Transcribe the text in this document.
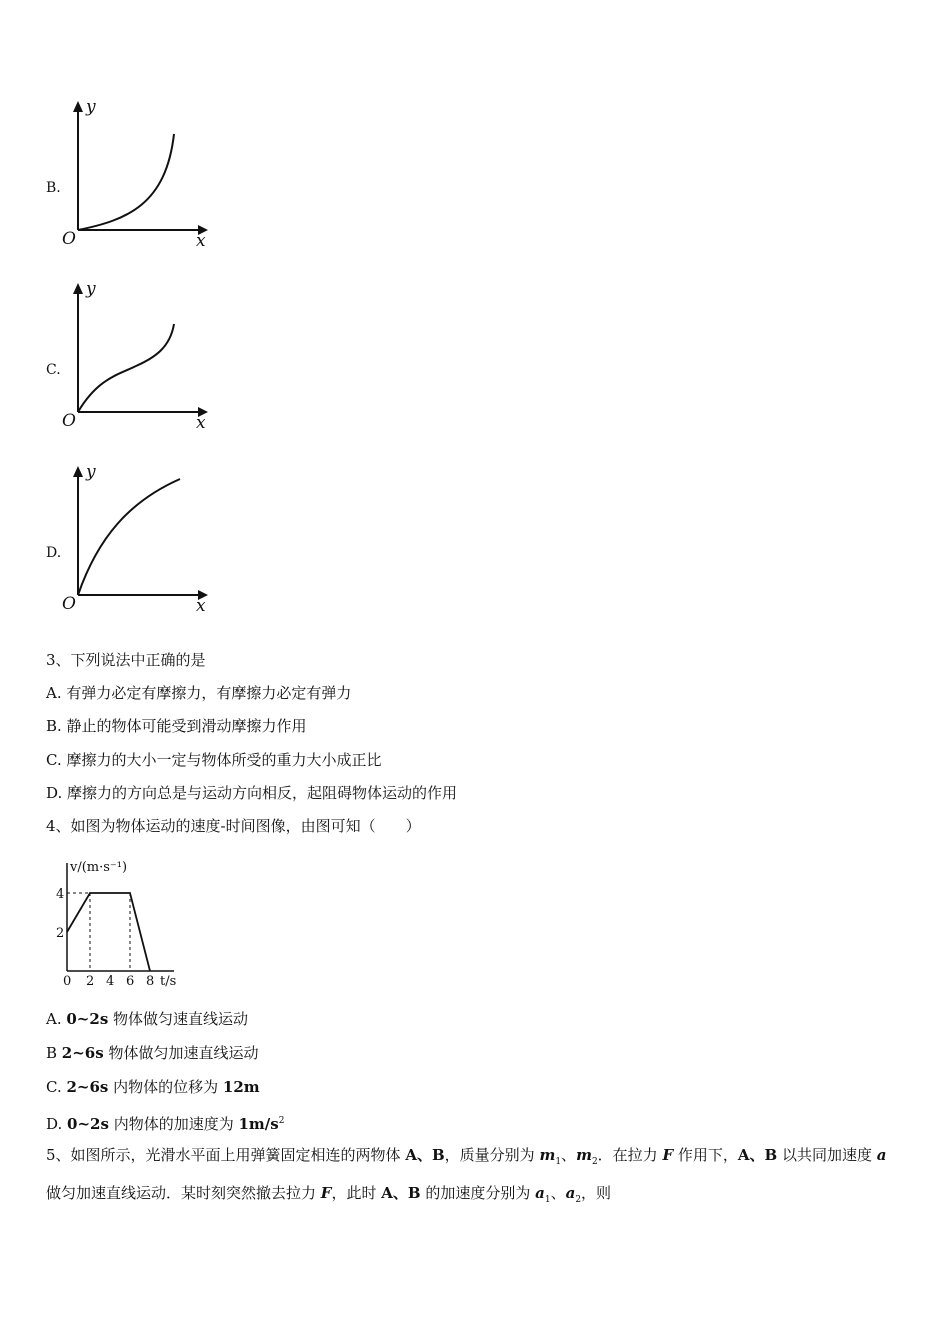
B.
y
x
O
C.
y
x
O
D.
y
x
O
3、下列说法中正确的是
A. 有弹力必定有摩擦力，有摩擦力必定有弹力
B. 静止的物体可能受到滑动摩擦力作用
C. 摩擦力的大小一定与物体所受的重力大小成正比
D. 摩擦力的方向总是与运动方向相反，起阻碍物体运动的作用
4、如图为物体运动的速度-时间图像，由图可知（　　）
v/(m·s⁻¹)
4
2
0 2 4 6 8 t/s
A. 0~2s 物体做匀速直线运动
B 2~6s 物体做匀加速直线运动
C. 2~6s 内物体的位移为 12m
D. 0~2s 内物体的加速度为 $1m/s^2$
5、如图所示，光滑水平面上用弹簧固定相连的两物体 A、B，质量分别为 $m_1$、$m_2$．在拉力 F 作用下，A、B 以共同加速度 a
做匀加速直线运动．某时刻突然撤去拉力 F，此时 A、B 的加速度分别为 $a_1$、$a_2$，则
